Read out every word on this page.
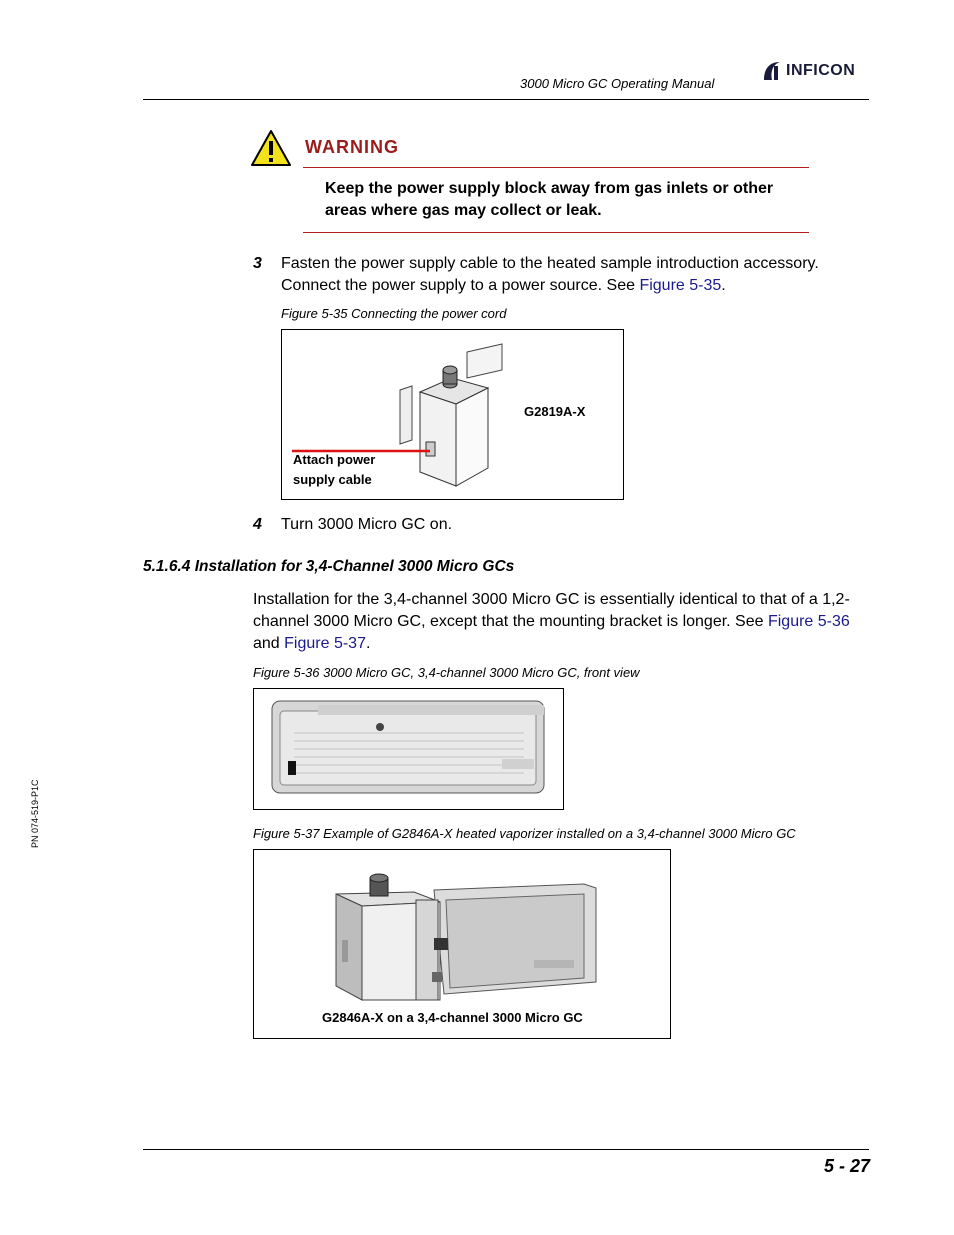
3000 Micro GC Operating Manual
INFICON
WARNING
Keep the power supply block away from gas inlets or other areas where gas may collect or leak.
3 Fasten the power supply cable to the heated sample introduction accessory. Connect the power supply to a power source. See Figure 5-35.
Figure 5-35 Connecting the power cord
G2819A-X
Attach power
supply cable
4 Turn 3000 Micro GC on.
5.1.6.4 Installation for 3,4-Channel 3000 Micro GCs
Installation for the 3,4-channel 3000 Micro GC is essentially identical to that of a 1,2-channel 3000 Micro GC, except that the mounting bracket is longer. See Figure 5-36 and Figure 5-37.
Figure 5-36 3000 Micro GC, 3,4-channel 3000 Micro GC, front view
Figure 5-37 Example of G2846A-X heated vaporizer installed on a 3,4-channel 3000 Micro GC
G2846A-X on a 3,4-channel 3000 Micro GC
PN 074-519-P1C
5 - 27
